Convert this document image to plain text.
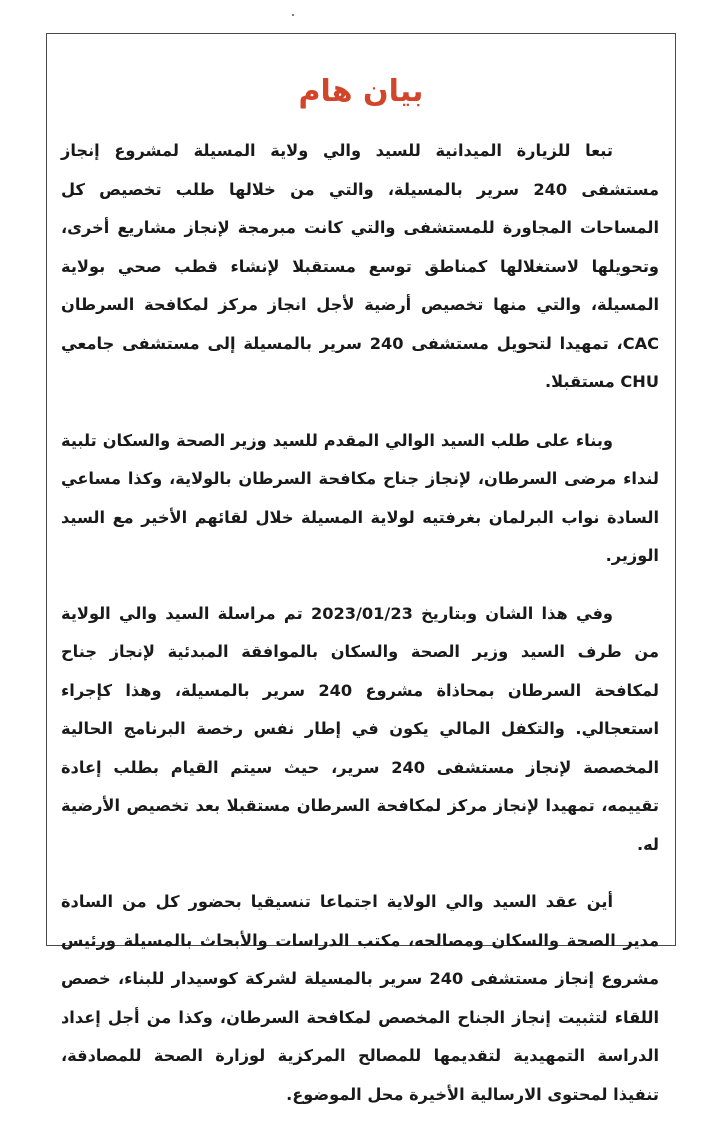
بيان هام

تبعا للزيارة الميدانية للسيد والي ولاية المسيلة لمشروع إنجاز مستشفى 240 سرير بالمسيلة، والتي من خلالها طلب تخصيص كل المساحات المجاورة للمستشفى والتي كانت مبرمجة لإنجاز مشاريع أخرى، وتحويلها لاستغلالها كمناطق توسع مستقبلا لإنشاء قطب صحي بولاية المسيلة، والتي منها تخصيص أرضية لأجل انجاز مركز لمكافحة السرطان CAC، تمهيدا لتحويل مستشفى 240 سرير بالمسيلة إلى مستشفى جامعي CHU مستقبلا.

وبناء على طلب السيد الوالي المقدم للسيد وزير الصحة والسكان تلبية لنداء مرضى السرطان، لإنجاز جناح مكافحة السرطان بالولاية، وكذا مساعي السادة نواب البرلمان بغرفتيه لولاية المسيلة خلال لقائهم الأخير مع السيد الوزير.

وفي هذا الشان وبتاريخ 2023/01/23 تم مراسلة السيد والي الولاية من طرف السيد وزير الصحة والسكان بالموافقة المبدئية لإنجاز جناح لمكافحة السرطان بمحاذاة مشروع 240 سرير بالمسيلة، وهذا كإجراء استعجالي. والتكفل المالي يكون في إطار نفس رخصة البرنامج الحالية المخصصة لإنجاز مستشفى 240 سرير، حيث سيتم القيام بطلب إعادة تقييمه، تمهيدا لإنجاز مركز لمكافحة السرطان مستقبلا بعد تخصيص الأرضية له.

أين عقد السيد والي الولاية اجتماعا تنسيقيا بحضور كل من السادة مدير الصحة والسكان ومصالحه، مكتب الدراسات والأبحاث بالمسيلة ورئيس مشروع إنجاز مستشفى 240 سرير بالمسيلة لشركة كوسيدار للبناء، خصص اللقاء لتثبيت إنجاز الجناح المخصص لمكافحة السرطان، وكذا من أجل إعداد الدراسة التمهيدية لتقديمها للمصالح المركزية لوزارة الصحة للمصادقة، تنفيذا لمحتوى الارسالية الأخيرة محل الموضوع.
